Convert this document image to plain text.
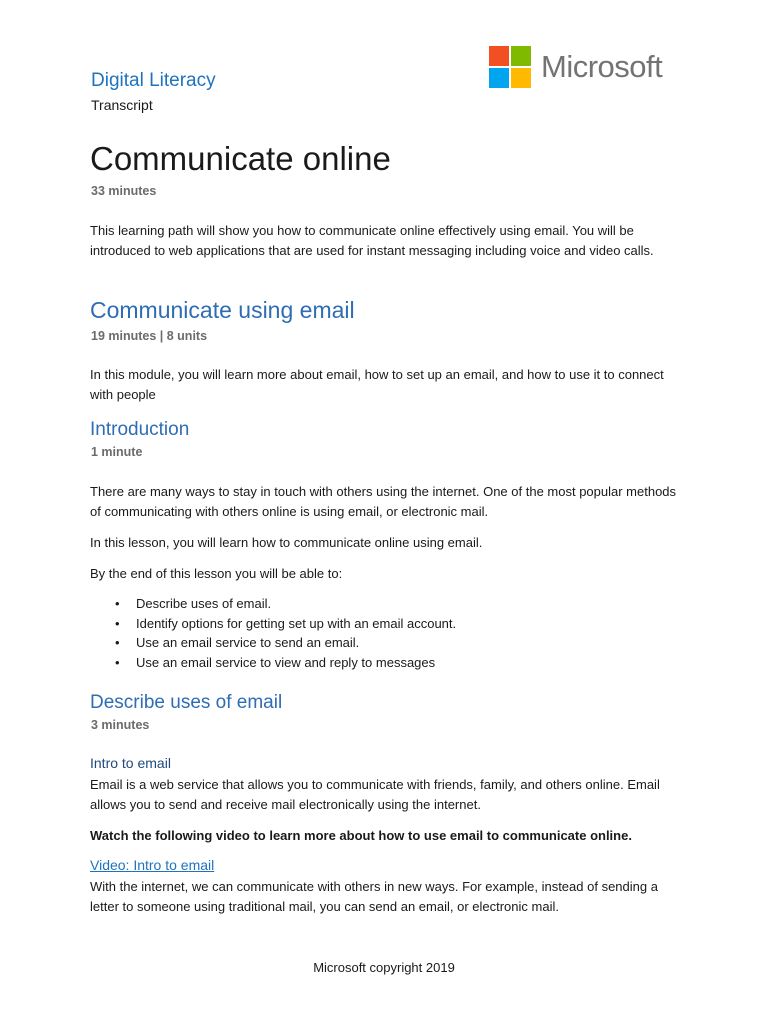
Digital Literacy
Transcript
Microsoft
Communicate online
33 minutes
This learning path will show you how to communicate online effectively using email. You will be introduced to web applications that are used for instant messaging including voice and video calls.
Communicate using email
19 minutes | 8 units
In this module, you will learn more about email, how to set up an email, and how to use it to connect with people
Introduction
1 minute
There are many ways to stay in touch with others using the internet. One of the most popular methods of communicating with others online is using email, or electronic mail.
In this lesson, you will learn how to communicate online using email.
By the end of this lesson you will be able to:
• Describe uses of email.
• Identify options for getting set up with an email account.
• Use an email service to send an email.
• Use an email service to view and reply to messages
Describe uses of email
3 minutes
Intro to email
Email is a web service that allows you to communicate with friends, family, and others online. Email allows you to send and receive mail electronically using the internet.
Watch the following video to learn more about how to use email to communicate online.
Video: Intro to email
With the internet, we can communicate with others in new ways. For example, instead of sending a letter to someone using traditional mail, you can send an email, or electronic mail.
Microsoft copyright 2019
